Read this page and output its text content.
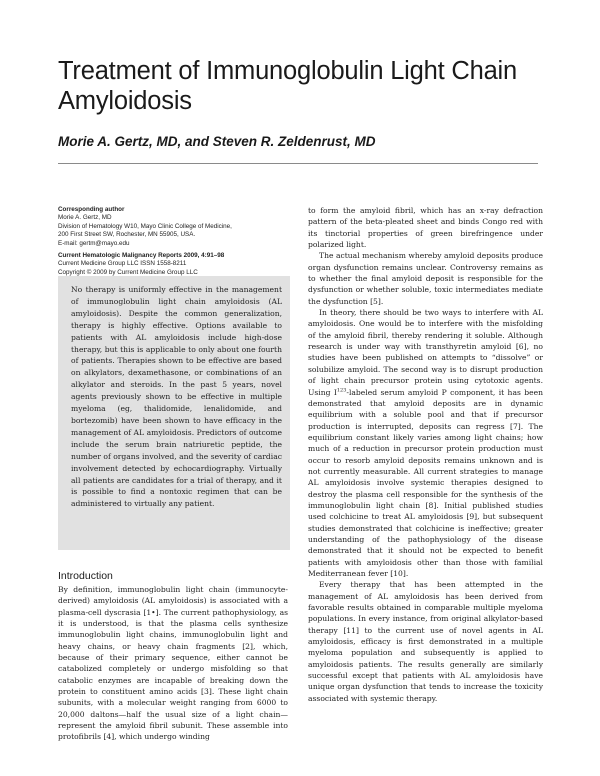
Treatment of Immunoglobulin Light Chain Amyloidosis
Morie A. Gertz, MD, and Steven R. Zeldenrust, MD
Corresponding author
Morie A. Gertz, MD
Division of Hematology W10, Mayo Clinic College of Medicine,
200 First Street SW, Rochester, MN 55905, USA.
E-mail: gertm@mayo.edu
Current Hematologic Malignancy Reports 2009, 4:91–98
Current Medicine Group LLC ISSN 1558-8211
Copyright © 2009 by Current Medicine Group LLC

No therapy is uniformly effective in the management of immunoglobulin light chain amyloidosis (AL amyloidosis). Despite the common generalization, therapy is highly effective. Options available to patients with AL amyloidosis include high-dose therapy, but this is applicable to only about one fourth of patients. Therapies shown to be effective are based on alkylators, dexamethasone, or combinations of an alkylator and steroids. In the past 5 years, novel agents previously shown to be effective in multiple myeloma (eg, thalidomide, lenalidomide, and bortezomib) have been shown to have efficacy in the management of AL amyloidosis. Predictors of outcome include the serum brain natriuretic peptide, the number of organs involved, and the severity of cardiac involvement detected by echocardiography. Virtually all patients are candidates for a trial of therapy, and it is possible to find a nontoxic regimen that can be administered to virtually any patient.

Introduction

By definition, immunoglobulin light chain (immunocyte-derived) amyloidosis (AL amyloidosis) is associated with a plasma-cell dyscrasia [1•]. The current pathophysiology, as it is understood, is that the plasma cells synthesize immunoglobulin light chains, immunoglobulin light and heavy chains, or heavy chain fragments [2], which, because of their primary sequence, either cannot be catabolized completely or undergo misfolding so that catabolic enzymes are incapable of breaking down the protein to constituent amino acids [3]. These light chain subunits, with a molecular weight ranging from 6000 to 20,000 daltons—half the usual size of a light chain—represent the amyloid fibril subunit. These assemble into protofibrils [4], which undergo winding

to form the amyloid fibril, which has an x-ray defraction pattern of the beta-pleated sheet and binds Congo red with its tinctorial properties of green birefringence under polarized light.

The actual mechanism whereby amyloid deposits produce organ dysfunction remains unclear. Controversy remains as to whether the final amyloid deposit is responsible for the dysfunction or whether soluble, toxic intermediates mediate the dysfunction [5].

In theory, there should be two ways to interfere with AL amyloidosis. One would be to interfere with the misfolding of the amyloid fibril, thereby rendering it soluble. Although research is under way with transthyretin amyloid [6], no studies have been published on attempts to “dissolve” or solubilize amyloid. The second way is to disrupt production of light chain precursor protein using cytotoxic agents. Using $I^{123}$-labeled serum amyloid P component, it has been demonstrated that amyloid deposits are in dynamic equilibrium with a soluble pool and that if precursor production is interrupted, deposits can regress [7]. The equilibrium constant likely varies among light chains; how much of a reduction in precursor protein production must occur to resorb amyloid deposits remains unknown and is not currently measurable. All current strategies to manage AL amyloidosis involve systemic therapies designed to destroy the plasma cell responsible for the synthesis of the immunoglobulin light chain [8]. Initial published studies used colchicine to treat AL amyloidosis [9], but subsequent studies demonstrated that colchicine is ineffective; greater understanding of the pathophysiology of the disease demonstrated that it should not be expected to benefit patients with amyloidosis other than those with familial Mediterranean fever [10].

Every therapy that has been attempted in the management of AL amyloidosis has been derived from favorable results obtained in comparable multiple myeloma populations. In every instance, from original alkylator-based therapy [11] to the current use of novel agents in AL amyloidosis, efficacy is first demonstrated in a multiple myeloma population and subsequently is applied to amyloidosis patients. The results generally are similarly successful except that patients with AL amyloidosis have unique organ dysfunction that tends to increase the toxicity associated with systemic therapy.
